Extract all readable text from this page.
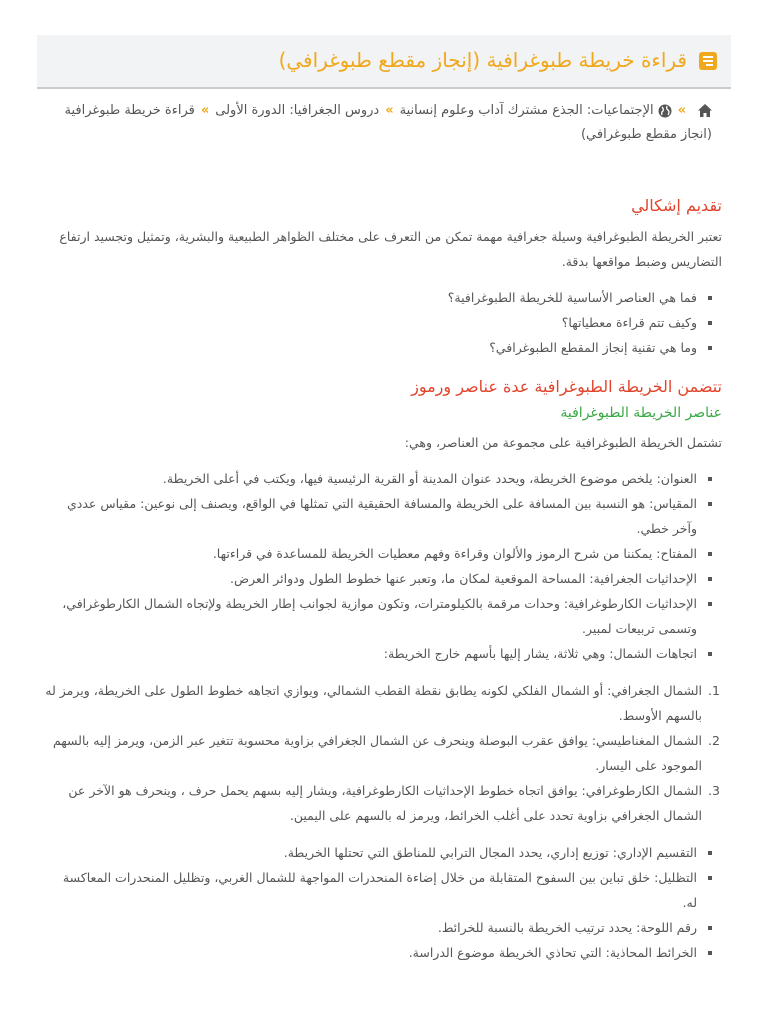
قراءة خريطة طبوغرافية (إنجاز مقطع طبوغرافي)
»الإجتماعيات: الجذع مشترك آداب وعلوم إنسانية»دروس الجغرافيا: الدورة الأولى»قراءة خريطة طبوغرافية (انجاز مقطع طبوغرافي)
تقديم إشكالي

تعتبر الخريطة الطبوغرافية وسيلة جغرافية مهمة تمكن من التعرف على مختلف الظواهر الطبيعية والبشرية، وتمثيل وتجسيد ارتفاع التضاريس وضبط مواقعها بدقة.

فما هي العناصر الأساسية للخريطة الطبوغرافية؟
وكيف تتم قراءة معطياتها؟
وما هي تقنية إنجاز المقطع الطبوغرافي؟
تتضمن الخريطة الطبوغرافية عدة عناصر ورموز
عناصر الخريطة الطبوغرافية

تشتمل الخريطة الطبوغرافية على مجموعة من العناصر، وهي:

العنوان: يلخص موضوع الخريطة، ويحدد عنوان المدينة أو القرية الرئيسية فيها، ويكتب في أعلى الخريطة.
المقياس: هو النسبة بين المسافة على الخريطة والمسافة الحقيقية التي تمثلها في الواقع، ويصنف إلى نوعين: مقياس عددي وآخر خطي.
المفتاح: يمكننا من شرح الرموز والألوان وقراءة وفهم معطيات الخريطة للمساعدة في قراءتها.
الإحداثيات الجغرافية: المساحة الموقعية لمكان ما، وتعبر عنها خطوط الطول ودوائر العرض.
الإحداثيات الكارطوغرافية: وحدات مرقمة بالكيلومترات، وتكون موازية لجوانب إطار الخريطة ولإتجاه الشمال الكارطوغرافي، وتسمى تربيعات لمبير.
اتجاهات الشمال: وهي ثلاثة، يشار إليها بأسهم خارج الخريطة:
1. الشمال الجغرافي: أو الشمال الفلكي لكونه يطابق نقطة القطب الشمالي، ويوازي اتجاهه خطوط الطول على الخريطة، ويرمز له بالسهم الأوسط.
2. الشمال المغناطيسي: يوافق عقرب البوصلة وينحرف عن الشمال الجغرافي بزاوية محسوبة تتغير عبر الزمن، ويرمز إليه بالسهم الموجود على اليسار.
3. الشمال الكارطوغرافي: يوافق اتجاه خطوط الإحداثيات الكارطوغرافية، ويشار إليه بسهم يحمل حرف ، وينحرف هو الآخر عن الشمال الجغرافي بزاوية تحدد على أغلب الخرائط، ويرمز له بالسهم على اليمين.
التقسيم الإداري: توزيع إداري، يحدد المجال الترابي للمناطق التي تحتلها الخريطة.
التظليل: خلق تباين بين السفوح المتقابلة من خلال إضاءة المنحدرات المواجهة للشمال الغربي، وتظليل المنحدرات المعاكسة له.
رقم اللوحة: يحدد ترتيب الخريطة بالنسبة للخرائط.
الخرائط المحاذية: التي تحاذي الخريطة موضوع الدراسة.
